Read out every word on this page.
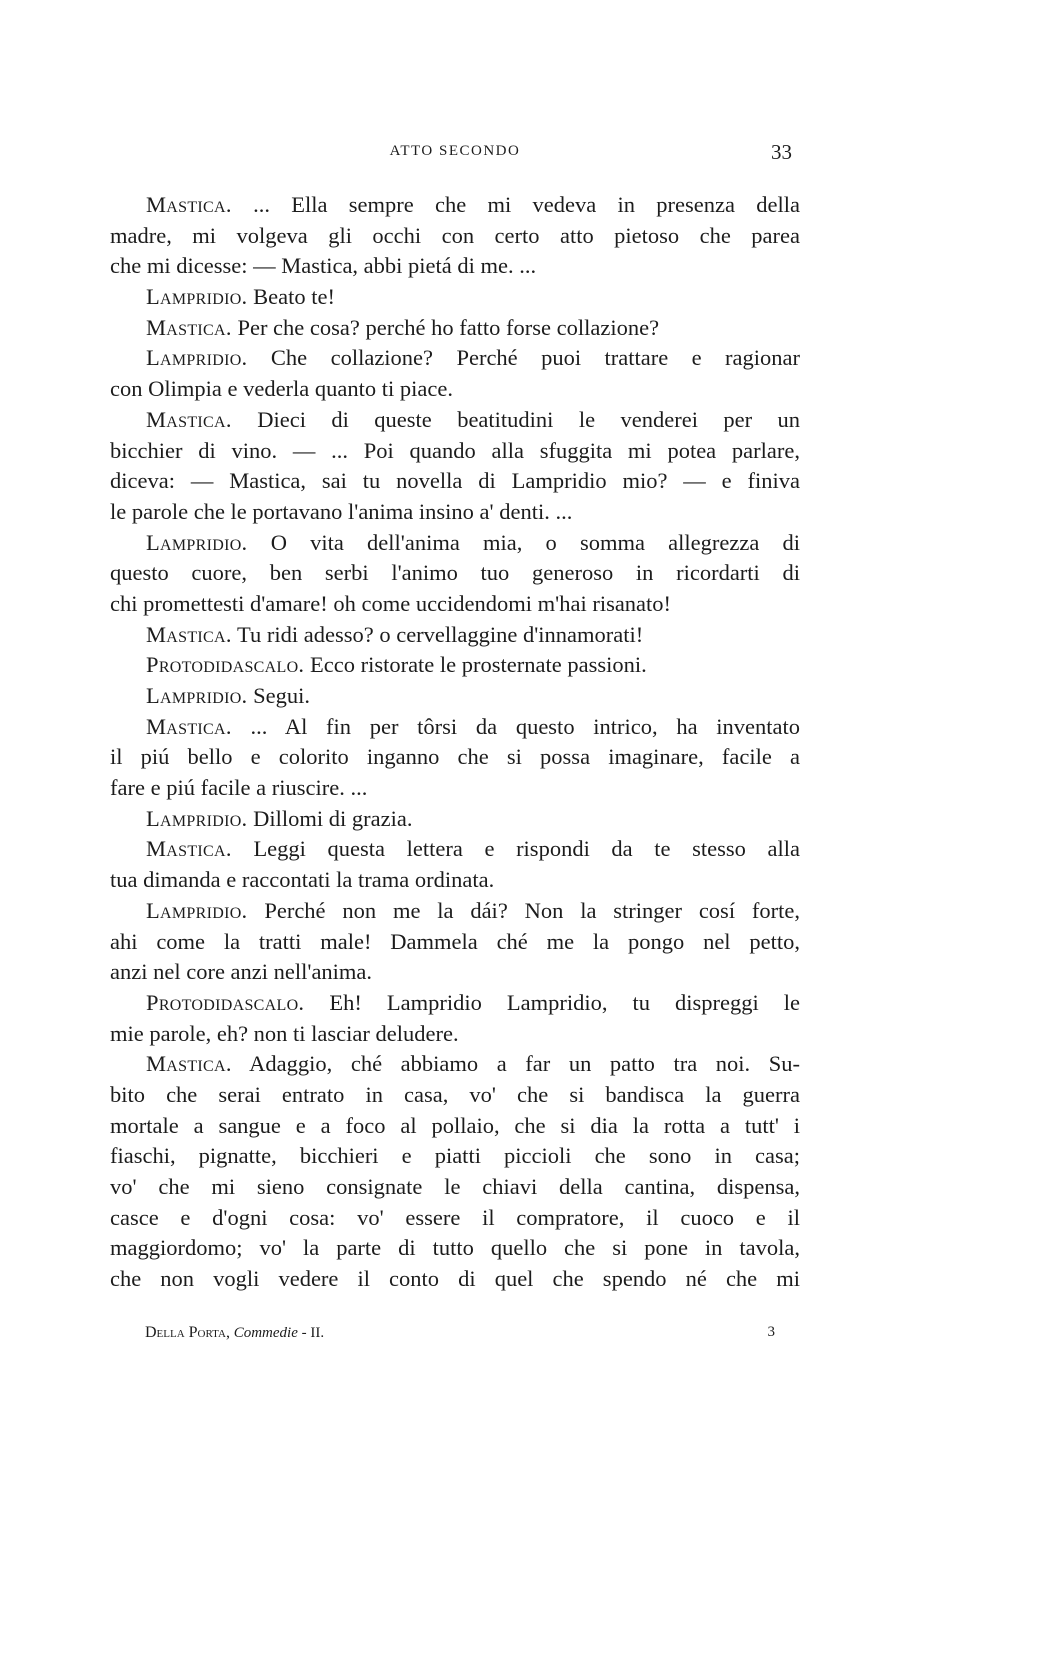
ATTO SECONDO	33
Mastica. ... Ella sempre che mi vedeva in presenza della
madre, mi volgeva gli occhi con certo atto pietoso che parea
che mi dicesse: — Mastica, abbi pietá di me. ...
Lampridio. Beato te!
Mastica. Per che cosa? perché ho fatto forse collazione?
Lampridio. Che collazione? Perché puoi trattare e ragionar
con Olimpia e vederla quanto ti piace.
Mastica. Dieci di queste beatitudini le venderei per un
bicchier di vino. — ... Poi quando alla sfuggita mi potea parlare,
diceva: — Mastica, sai tu novella di Lampridio mio? — e finiva
le parole che le portavano l'anima insino a' denti. ...
Lampridio. O vita dell'anima mia, o somma allegrezza di
questo cuore, ben serbi l'animo tuo generoso in ricordarti di
chi promettesti d'amare! oh come uccidendomi m'hai risanato!
Mastica. Tu ridi adesso? o cervellaggine d'innamorati!
Protodidascalo. Ecco ristorate le prosternate passioni.
Lampridio. Segui.
Mastica. ... Al fin per tôrsi da questo intrico, ha inventato
il piú bello e colorito inganno che si possa imaginare, facile a
fare e piú facile a riuscire. ...
Lampridio. Dillomi di grazia.
Mastica. Leggi questa lettera e rispondi da te stesso alla
tua dimanda e raccontati la trama ordinata.
Lampridio. Perché non me la dái? Non la stringer cosí forte,
ahi come la tratti male! Dammela ché me la pongo nel petto,
anzi nel core anzi nell'anima.
Protodidascalo. Eh! Lampridio Lampridio, tu dispreggi le
mie parole, eh? non ti lasciar deludere.
Mastica. Adaggio, ché abbiamo a far un patto tra noi. Su-
bito che serai entrato in casa, vo' che si bandisca la guerra
mortale a sangue e a foco al pollaio, che si dia la rotta a tutt' i
fiaschi, pignatte, bicchieri e piatti piccioli che sono in casa;
vo' che mi sieno consignate le chiavi della cantina, dispensa,
casce e d'ogni cosa: vo' essere il compratore, il cuoco e il
maggiordomo; vo' la parte di tutto quello che si pone in tavola,
che non vogli vedere il conto di quel che spendo né che mi
Della Porta, Commedie - II.	3
